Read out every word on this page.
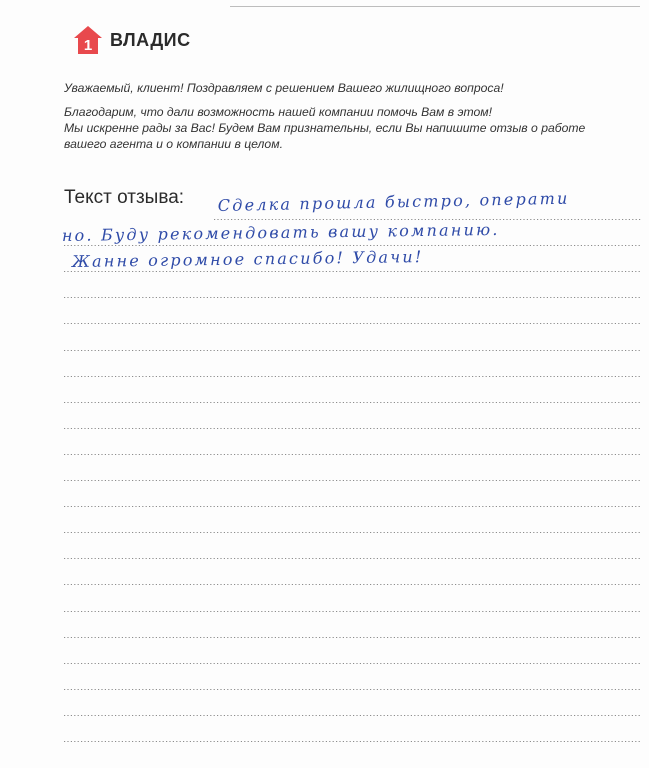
1 ВЛАДИС

Уважаемый, клиент! Поздравляем с решением Вашего жилищного вопроса!

Благодарим, что дали возможность нашей компании помочь Вам в этом!

Мы искренне рады за Вас! Будем Вам признательны, если Вы напишите отзыв о работе

вашего агента и о компании в целом.

Текст отзыва: Сделка прошла быстро, операти
но. Буду рекомендовать вашу компанию.
Жанне огромное спасибо! Удачи!
